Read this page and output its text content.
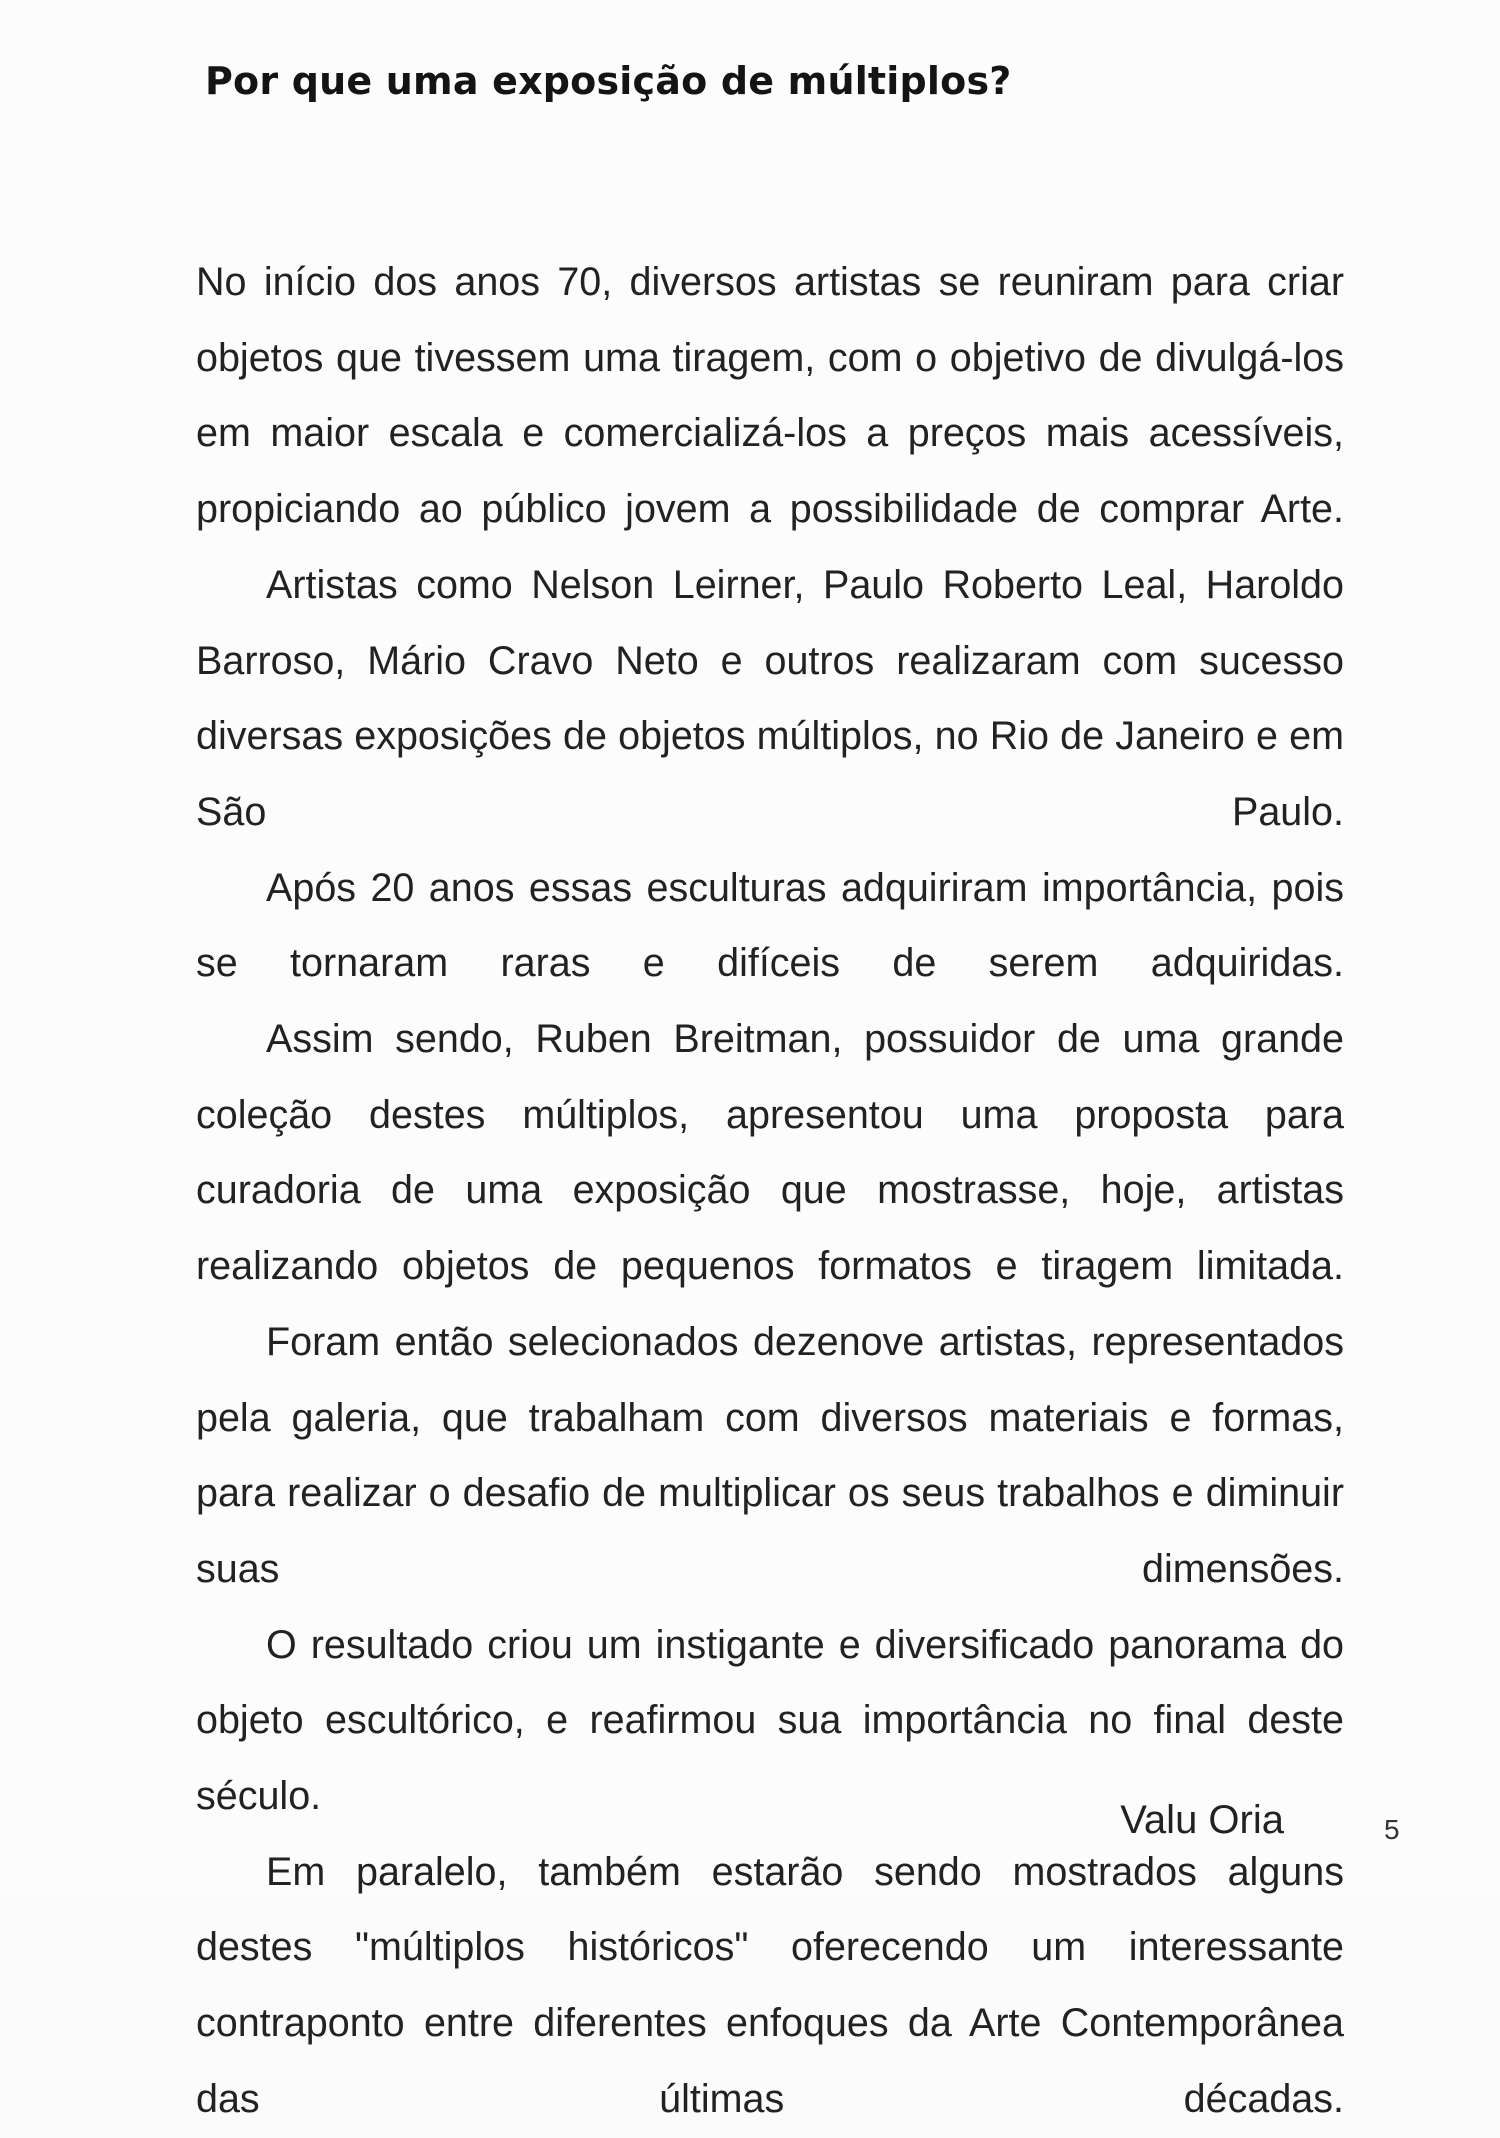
Por que uma exposição de múltiplos?

No início dos anos 70, diversos artistas se reuniram para criar objetos que tivessem uma tiragem, com o objetivo de divulgá-los em maior escala e comercializá-los a preços mais acessíveis, propiciando ao público jovem a possibilidade de comprar Arte.

Artistas como Nelson Leirner, Paulo Roberto Leal, Haroldo Barroso, Mário Cravo Neto e outros realizaram com sucesso diversas exposições de objetos múltiplos, no Rio de Janeiro e em São Paulo.

Após 20 anos essas esculturas adquiriram importância, pois se tornaram raras e difíceis de serem adquiridas.

Assim sendo, Ruben Breitman, possuidor de uma grande coleção destes múltiplos, apresentou uma proposta para curadoria de uma exposição que mostrasse, hoje, artistas realizando objetos de pequenos formatos e tiragem limitada.

Foram então selecionados dezenove artistas, representados pela galeria, que trabalham com diversos materiais e formas, para realizar o desafio de multiplicar os seus trabalhos e diminuir suas dimensões.

O resultado criou um instigante e diversificado panorama do objeto escultórico, e reafirmou sua importância no final deste século.

Em paralelo, também estarão sendo mostrados alguns destes "múltiplos históricos" oferecendo um interessante contraponto entre diferentes enfoques da Arte Contemporânea das últimas décadas.

Valu Oria	5
